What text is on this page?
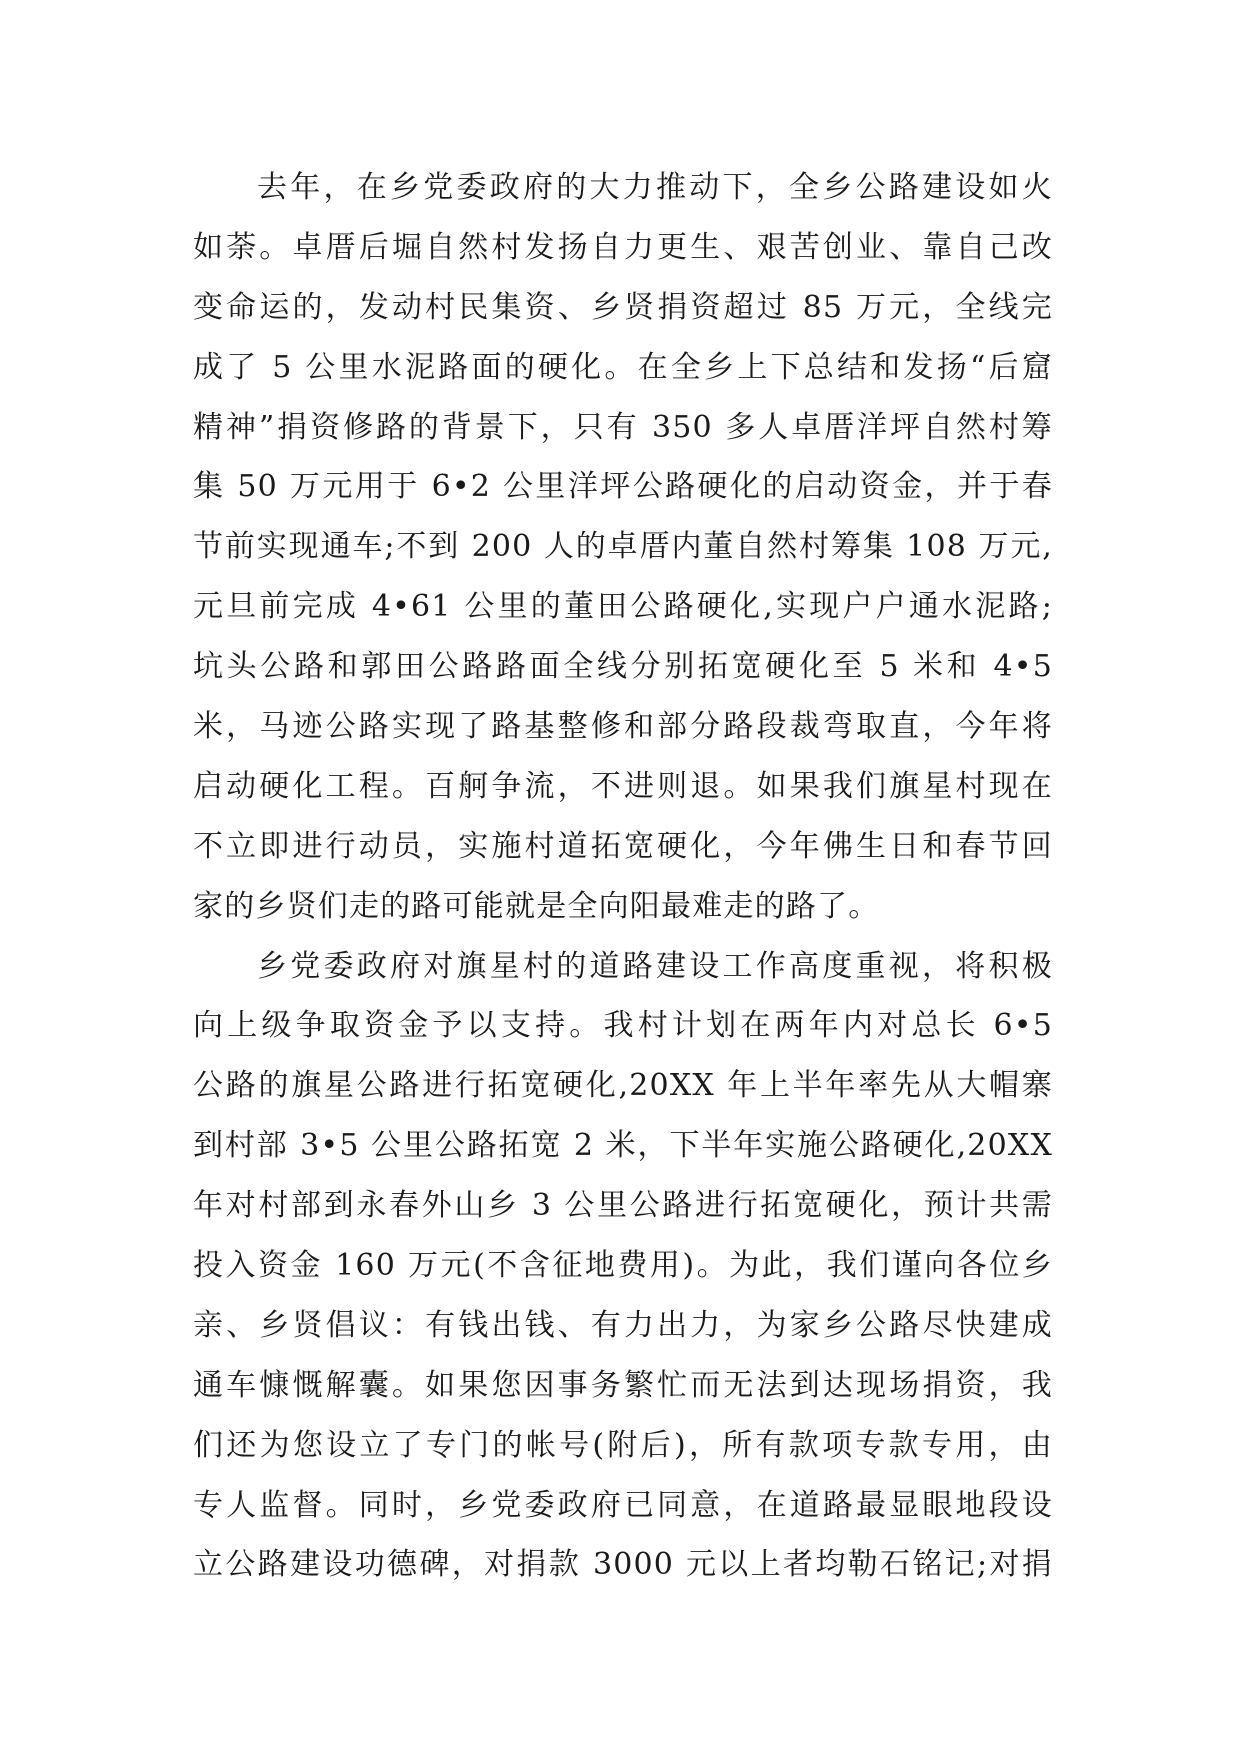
去年，在乡党委政府的大力推动下，全乡公路建设如火
如荼。卓厝后堀自然村发扬自力更生、艰苦创业、靠自己改
变命运的，发动村民集资、乡贤捐资超过 85 万元，全线完
成了 5 公里水泥路面的硬化。在全乡上下总结和发扬“后窟
精神”捐资修路的背景下，只有 350 多人卓厝洋坪自然村筹
集 50 万元用于 6•2 公里洋坪公路硬化的启动资金，并于春
节前实现通车;不到 200 人的卓厝内董自然村筹集 108 万元,
元旦前完成 4•61 公里的董田公路硬化,实现户户通水泥路;
坑头公路和郭田公路路面全线分别拓宽硬化至 5 米和 4•5
米，马迹公路实现了路基整修和部分路段裁弯取直，今年将
启动硬化工程。百舸争流，不进则退。如果我们旗星村现在
不立即进行动员，实施村道拓宽硬化，今年佛生日和春节回
家的乡贤们走的路可能就是全向阳最难走的路了。
乡党委政府对旗星村的道路建设工作高度重视，将积极
向上级争取资金予以支持。我村计划在两年内对总长 6•5
公路的旗星公路进行拓宽硬化,20XX 年上半年率先从大帽寨
到村部 3•5 公里公路拓宽 2 米，下半年实施公路硬化,20XX
年对村部到永春外山乡 3 公里公路进行拓宽硬化，预计共需
投入资金 160 万元(不含征地费用)。为此，我们谨向各位乡
亲、乡贤倡议：有钱出钱、有力出力，为家乡公路尽快建成
通车慷慨解囊。如果您因事务繁忙而无法到达现场捐资，我
们还为您设立了专门的帐号(附后)，所有款项专款专用，由
专人监督。同时，乡党委政府已同意，在道路最显眼地段设
立公路建设功德碑，对捐款 3000 元以上者均勒石铭记;对捐
